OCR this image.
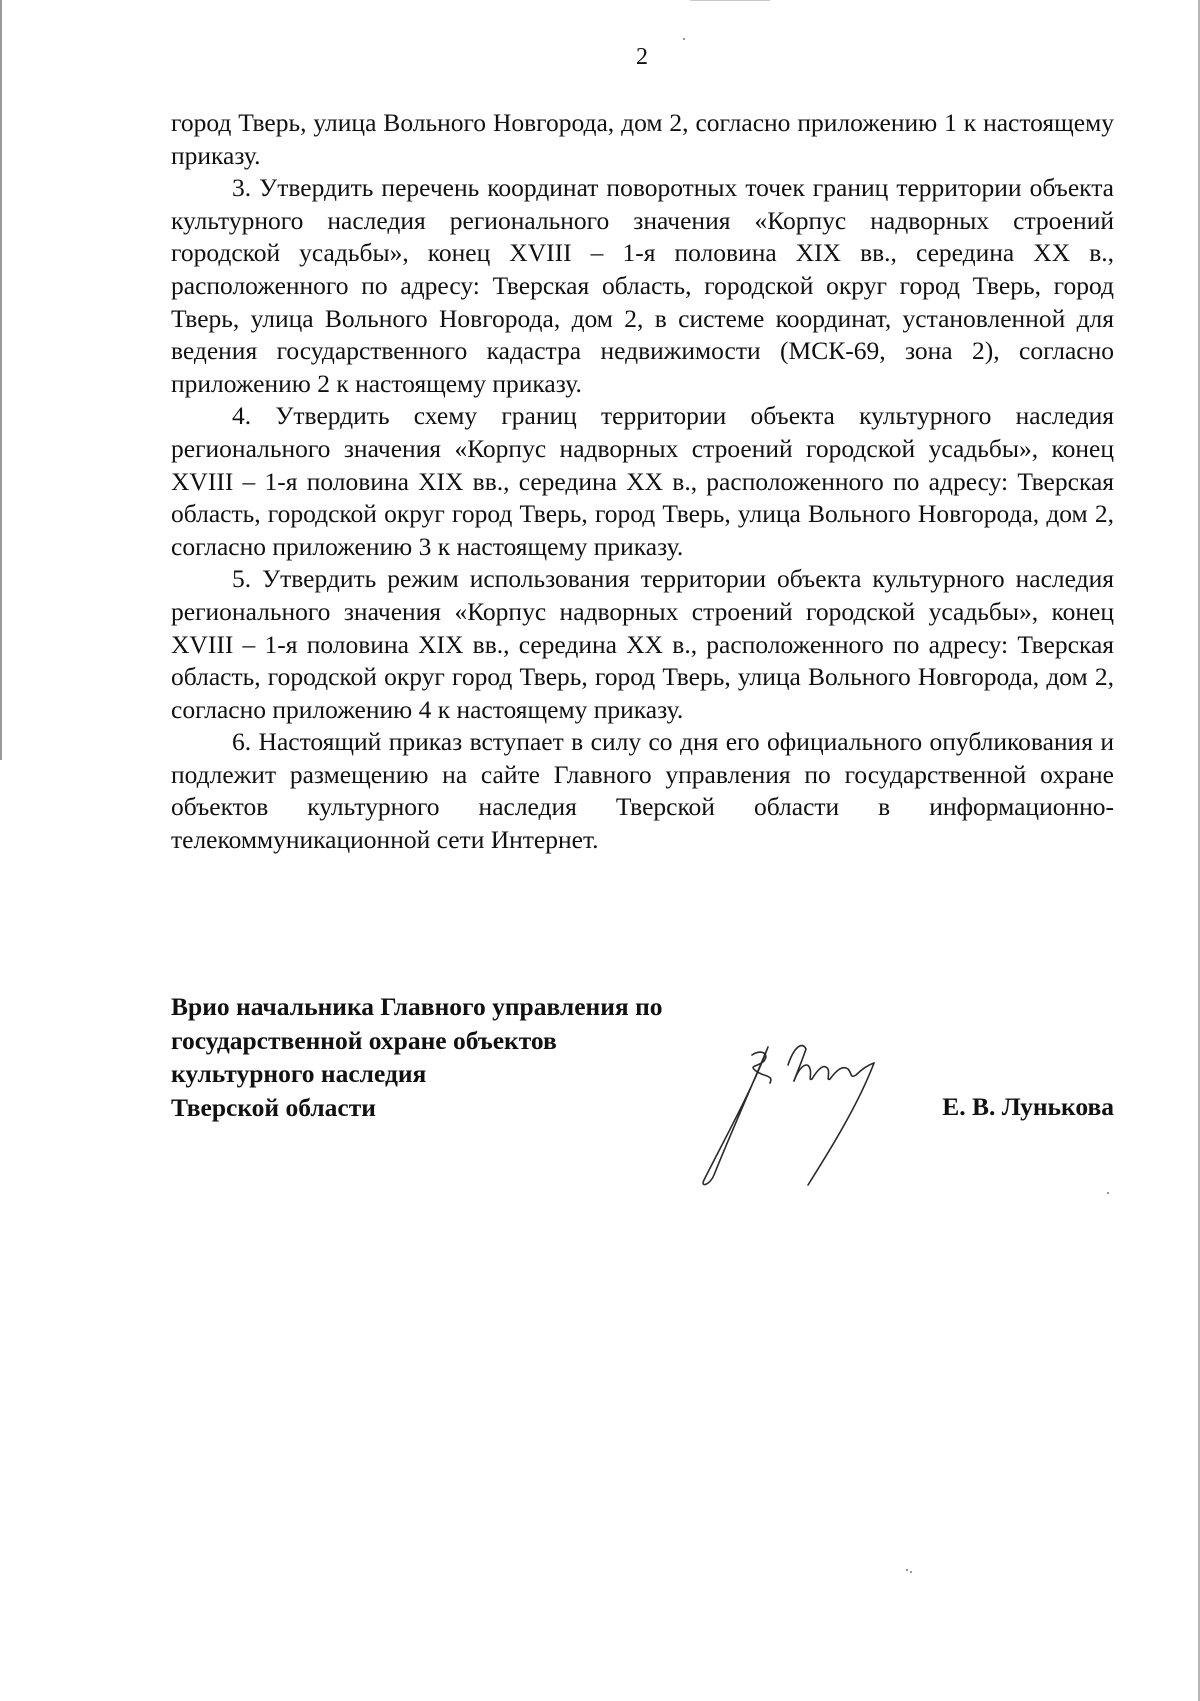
2

город Тверь, улица Вольного Новгорода, дом 2, согласно приложению 1 к настоящему приказу.

3. Утвердить перечень координат поворотных точек границ территории объекта культурного наследия регионального значения «Корпус надворных строений городской усадьбы», конец XVIII – 1-я половина XIX вв., середина XX в., расположенного по адресу: Тверская область, городской округ город Тверь, город Тверь, улица Вольного Новгорода, дом 2, в системе координат, установленной для ведения государственного кадастра недвижимости (МСК-69, зона 2), согласно приложению 2 к настоящему приказу.

4. Утвердить схему границ территории объекта культурного наследия регионального значения «Корпус надворных строений городской усадьбы», конец XVIII – 1-я половина XIX вв., середина XX в., расположенного по адресу: Тверская область, городской округ город Тверь, город Тверь, улица Вольного Новгорода, дом 2, согласно приложению 3 к настоящему приказу.

5. Утвердить режим использования территории объекта культурного наследия регионального значения «Корпус надворных строений городской усадьбы», конец XVIII – 1-я половина XIX вв., середина XX в., расположенного по адресу: Тверская область, городской округ город Тверь, город Тверь, улица Вольного Новгорода, дом 2, согласно приложению 4 к настоящему приказу.

6. Настоящий приказ вступает в силу со дня его официального опубликования и подлежит размещению на сайте Главного управления по государственной охране объектов культурного наследия Тверской области в информационно-телекоммуникационной сети Интернет.

Врио начальника Главного управления по
государственной охране объектов
культурного наследия
Тверской области	Е. В. Лунькова
